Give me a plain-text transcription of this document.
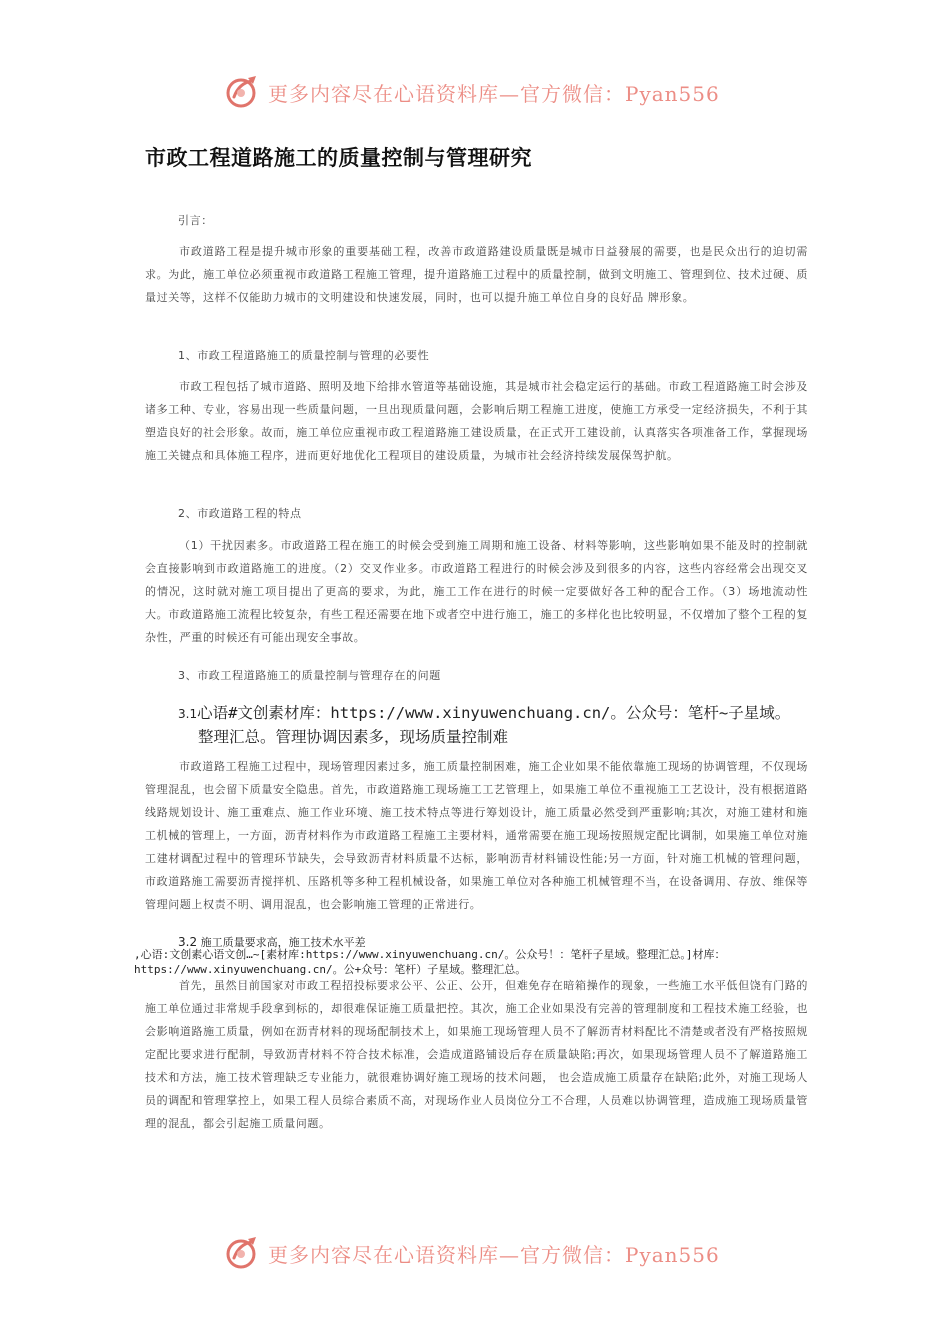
更多内容尽在心语资料库—官方微信：Pyan556
市政工程道路施工的质量控制与管理研究
引言：
市政道路工程是提升城市形象的重要基础工程，改善市政道路建设质量既是城市日益發展的需要，也是民众出行的迫切需求。为此，施工单位必须重视市政道路工程施工管理，提升道路施工过程中的质量控制，做到文明施工、管理到位、技术过硬、质量过关等，这样不仅能助力城市的文明建设和快速发展，同时，也可以提升施工单位自身的良好品 牌形象。
1、市政工程道路施工的质量控制与管理的必要性
市政工程包括了城市道路、照明及地下给排水管道等基础设施，其是城市社会稳定运行的基础。市政工程道路施工时会涉及诸多工种、专业，容易出现一些质量问题，一旦出现质量问题，会影响后期工程施工进度，使施工方承受一定经济损失，不利于其塑造良好的社会形象。故而，施工单位应重视市政工程道路施工建设质量，在正式开工建设前，认真落实各项准备工作，掌握现场施工关键点和具体施工程序，进而更好地优化工程项目的建设质量，为城市社会经济持续发展保驾护航。
2、市政道路工程的特点
（1）干扰因素多。市政道路工程在施工的时候会受到施工周期和施工设备、材料等影响，这些影响如果不能及时的控制就会直接影响到市政道路施工的进度。（2）交叉作业多。市政道路工程进行的时候会涉及到很多的内容，这些内容经常会出现交叉的情况，这时就对施工项目提出了更高的要求，为此，施工工作在进行的时候一定要做好各工种的配合工作。（3）场地流动性大。市政道路施工流程比较复杂，有些工程还需要在地下或者空中进行施工，施工的多样化也比较明显，不仅增加了整个工程的复杂性，严重的时候还有可能出现安全事故。
3、市政工程道路施工的质量控制与管理存在的问题
3.1心语#文创素材库：https://www.xinyuwenchuang.cn/。公众号：笔杆~子星域。
整理汇总。管理协调因素多，现场质量控制难
市政道路工程施工过程中，现场管理因素过多，施工质量控制困难，施工企业如果不能依靠施工现场的协调管理，不仅现场管理混乱，也会留下质量安全隐患。首先，市政道路施工现场施工工艺管理上，如果施工单位不重视施工工艺设计，没有根据道路线路规划设计、施工重难点、施工作业环境、施工技术特点等进行筹划设计，施工质量必然受到严重影响;其次，对施工建材和施工机械的管理上，一方面，沥青材料作为市政道路工程施工主要材料，通常需要在施工现场按照规定配比调制，如果施工单位对施工建材调配过程中的管理环节缺失，会导致沥青材料质量不达标，影响沥青材料铺设性能;另一方面，针对施工机械的管理问题，市政道路施工需要沥青搅拌机、压路机等多种工程机械设备，如果施工单位对各种施工机械管理不当，在设备调用、存放、维保等管理问题上权责不明、调用混乱，也会影响施工管理的正常进行。
3.2 施工质量要求高，施工技术水平差
,心语:文创素心语文创…~[素材库:https://www.xinyuwenchuang.cn/。公众号！：笔杆子星域。整理汇总。]材库：
https://www.xinyuwenchuang.cn/。公+众号：笔杆）子星域。整理汇总。
首先，虽然目前国家对市政工程招投标要求公平、公正、公开，但难免存在暗箱操作的现象，一些施工水平低但饶有门路的施工单位通过非常规手段拿到标的，却很难保证施工质量把控。其次，施工企业如果没有完善的管理制度和工程技术施工经验，也会影响道路施工质量，例如在沥青材料的现场配制技术上，如果施工现场管理人员不了解沥青材料配比不清楚或者没有严格按照规定配比要求进行配制，导致沥青材料不符合技术标准，会造成道路铺设后存在质量缺陷;再次，如果现场管理人员不了解道路施工技术和方法，施工技术管理缺乏专业能力，就很难协调好施工现场的技术问题， 也会造成施工质量存在缺陷;此外，对施工现场人员的调配和管理掌控上，如果工程人员综合素质不高，对现场作业人员岗位分工不合理，人员难以协调管理，造成施工现场质量管理的混乱，都会引起施工质量问题。
更多内容尽在心语资料库—官方微信：Pyan556
